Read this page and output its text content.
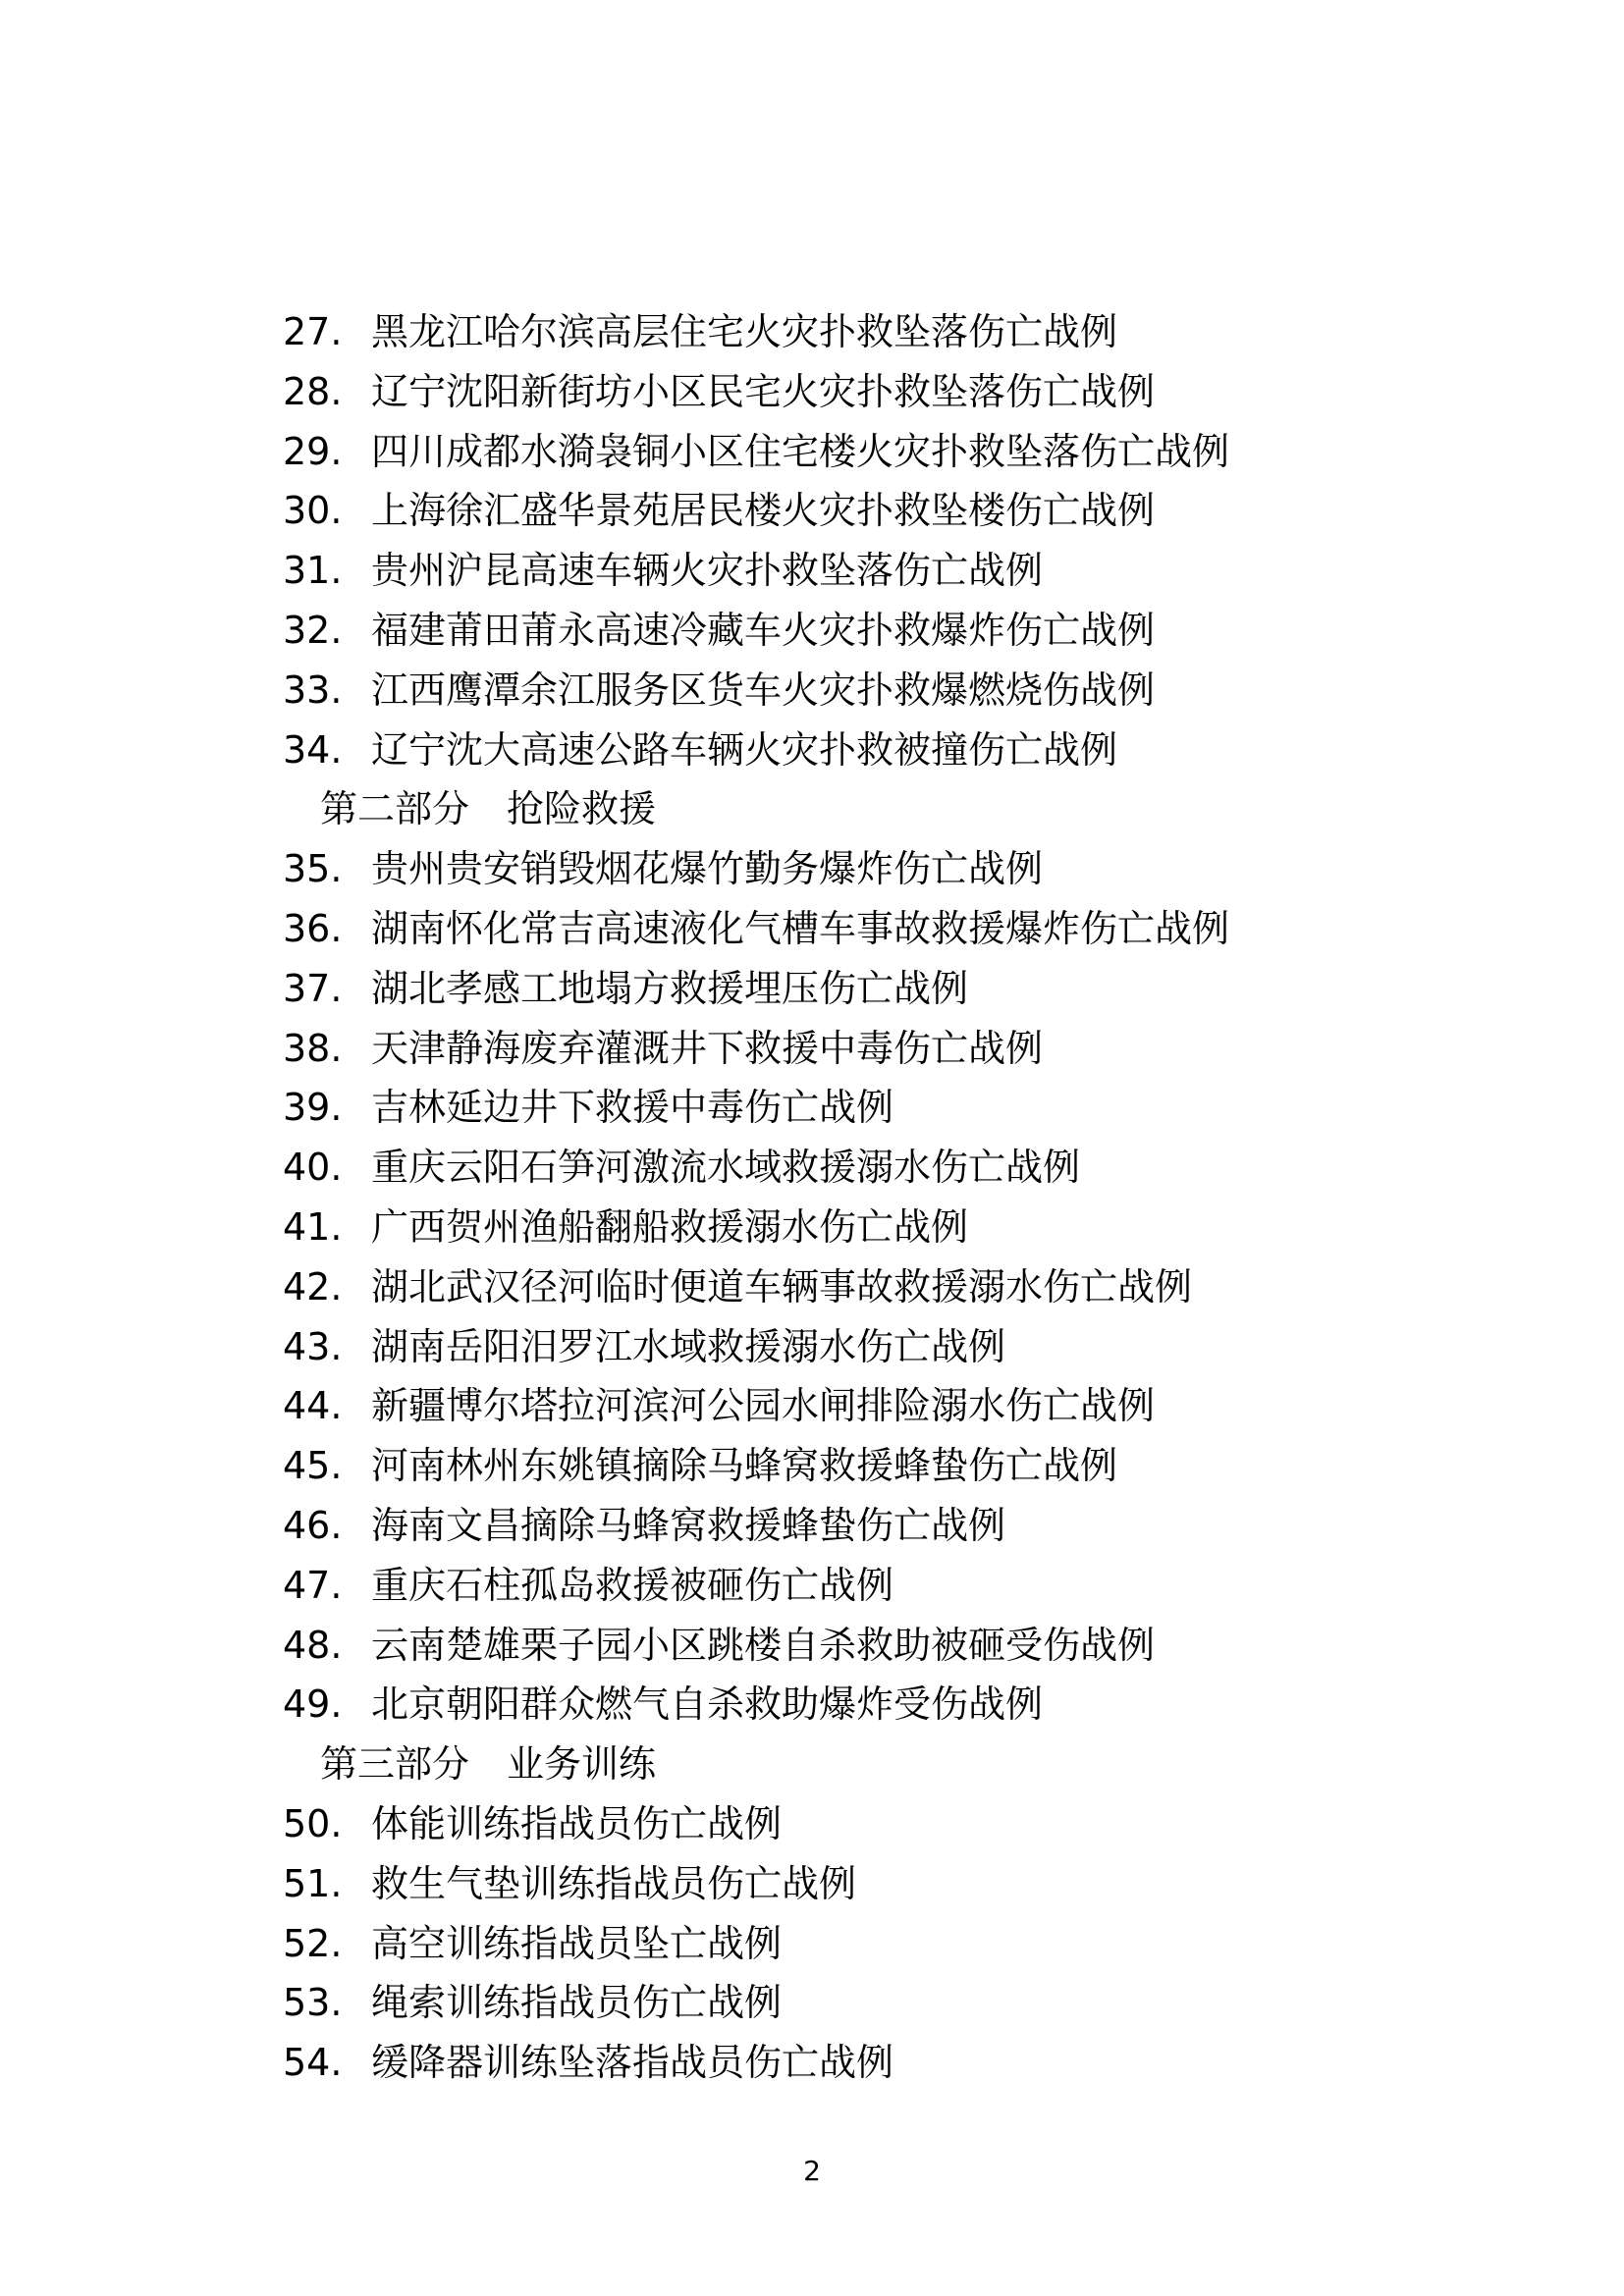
27. 黑龙江哈尔滨高层住宅火灾扑救坠落伤亡战例
28. 辽宁沈阳新街坊小区民宅火灾扑救坠落伤亡战例
29. 四川成都水漪袅铜小区住宅楼火灾扑救坠落伤亡战例
30. 上海徐汇盛华景苑居民楼火灾扑救坠楼伤亡战例
31. 贵州沪昆高速车辆火灾扑救坠落伤亡战例
32. 福建莆田莆永高速冷藏车火灾扑救爆炸伤亡战例
33. 江西鹰潭余江服务区货车火灾扑救爆燃烧伤战例
34. 辽宁沈大高速公路车辆火灾扑救被撞伤亡战例
第二部分 抢险救援
35. 贵州贵安销毁烟花爆竹勤务爆炸伤亡战例
36. 湖南怀化常吉高速液化气槽车事故救援爆炸伤亡战例
37. 湖北孝感工地塌方救援埋压伤亡战例
38. 天津静海废弃灌溉井下救援中毒伤亡战例
39. 吉林延边井下救援中毒伤亡战例
40. 重庆云阳石笋河激流水域救援溺水伤亡战例
41. 广西贺州渔船翻船救援溺水伤亡战例
42. 湖北武汉径河临时便道车辆事故救援溺水伤亡战例
43. 湖南岳阳汨罗江水域救援溺水伤亡战例
44. 新疆博尔塔拉河滨河公园水闸排险溺水伤亡战例
45. 河南林州东姚镇摘除马蜂窝救援蜂蛰伤亡战例
46. 海南文昌摘除马蜂窝救援蜂蛰伤亡战例
47. 重庆石柱孤岛救援被砸伤亡战例
48. 云南楚雄栗子园小区跳楼自杀救助被砸受伤战例
49. 北京朝阳群众燃气自杀救助爆炸受伤战例
第三部分 业务训练
50. 体能训练指战员伤亡战例
51. 救生气垫训练指战员伤亡战例
52. 高空训练指战员坠亡战例
53. 绳索训练指战员伤亡战例
54. 缓降器训练坠落指战员伤亡战例
2
